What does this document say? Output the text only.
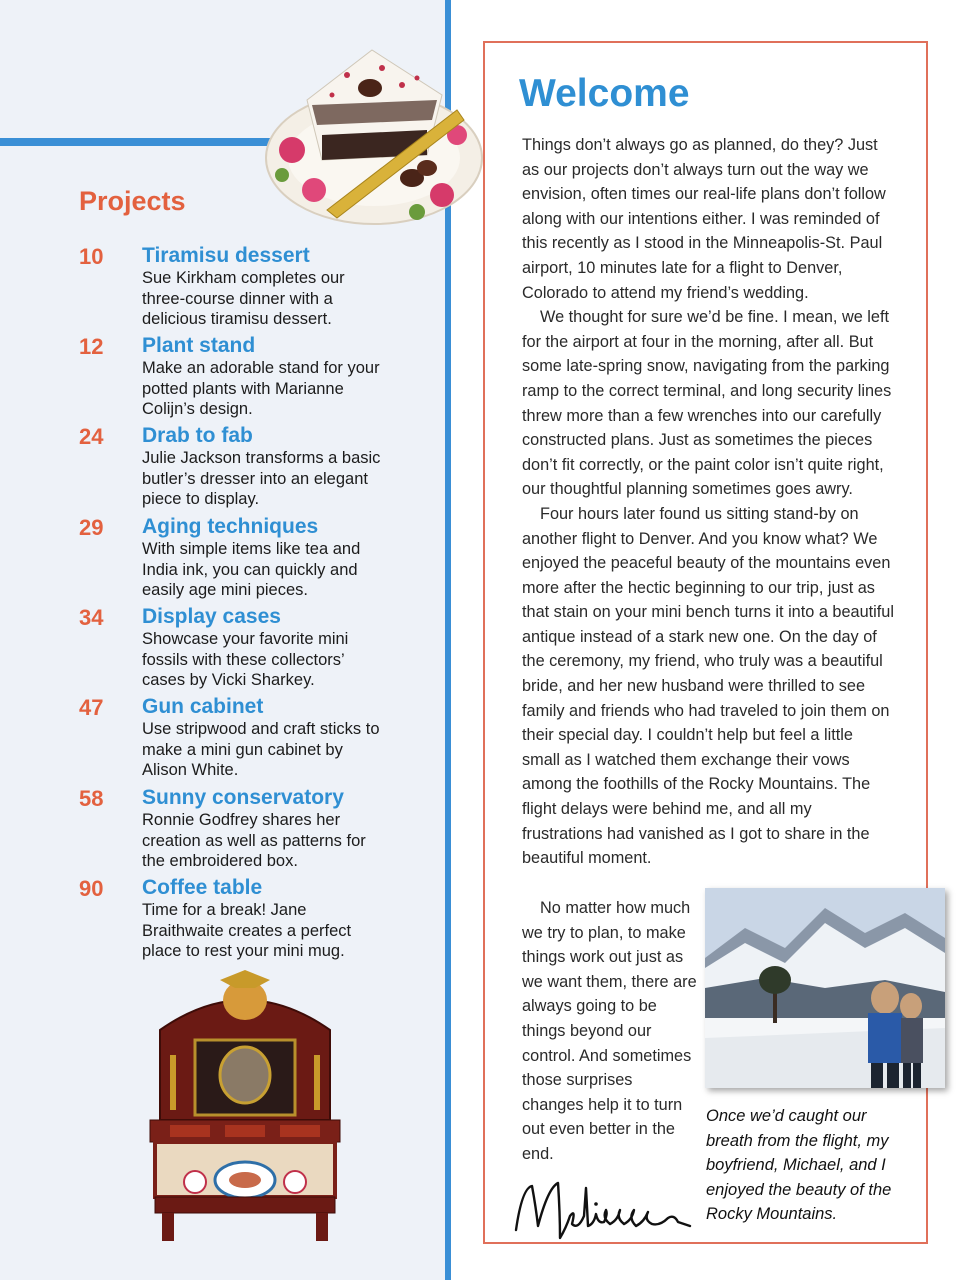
Projects
10 Tiramisu dessert
Sue Kirkham completes our three-course dinner with a delicious tiramisu dessert.
12 Plant stand
Make an adorable stand for your potted plants with Marianne Colijn’s design.
24 Drab to fab
Julie Jackson transforms a basic butler’s dresser into an elegant piece to display.
29 Aging techniques
With simple items like tea and India ink, you can quickly and easily age mini pieces.
34 Display cases
Showcase your favorite mini fossils with these collectors’ cases by Vicki Sharkey.
47 Gun cabinet
Use stripwood and craft sticks to make a mini gun cabinet by Alison White.
58 Sunny conservatory
Ronnie Godfrey shares her creation as well as patterns for the embroidered box.
90 Coffee table
Time for a break! Jane Braithwaite creates a perfect place to rest your mini mug.
Welcome

Things don’t always go as planned, do they? Just as our projects don’t always turn out the way we envision, often times our real-life plans don’t follow along with our intentions either. I was reminded of this recently as I stood in the Minneapolis-St. Paul airport, 10 minutes late for a flight to Denver, Colorado to attend my friend’s wedding.

We thought for sure we’d be fine. I mean, we left for the airport at four in the morning, after all. But some late-spring snow, navigating from the parking ramp to the correct terminal, and long security lines threw more than a few wrenches into our carefully constructed plans. Just as sometimes the pieces don’t fit correctly, or the paint color isn’t quite right, our thoughtful planning sometimes goes awry.

Four hours later found us sitting stand-by on another flight to Denver. And you know what? We enjoyed the peaceful beauty of the mountains even more after the hectic beginning to our trip, just as that stain on your mini bench turns it into a beautiful antique instead of a stark new one. On the day of the ceremony, my friend, who truly was a beautiful bride, and her new husband were thrilled to see family and friends who had traveled to join them on their special day. I couldn’t help but feel a little small as I watched them exchange their vows among the foothills of the Rocky Mountains. The flight delays were behind me, and all my frustrations had vanished as I got to share in the beautiful moment.

No matter how much we try to plan, to make things work out just as we want them, there are always going to be things beyond our control. And sometimes those surprises changes help it to turn out even better in the end.

Once we’d caught our breath from the flight, my boyfriend, Michael, and I enjoyed the beauty of the Rocky Mountains.
